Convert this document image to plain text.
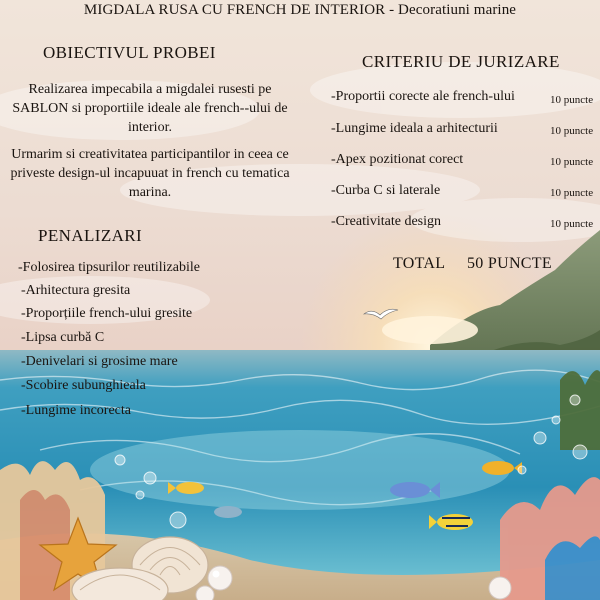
MIGDALA RUSA CU FRENCH DE INTERIOR - Decoratiuni marine
OBIECTIVUL PROBEI
Realizarea impecabila a migdalei rusesti pe SABLON si proportiile ideale ale french--ului de interior.
Urmarim si creativitatea participantilor in ceea ce priveste design-ul incapuuat in french cu tematica marina.
CRITERIU DE JURIZARE
-Proportii corecte ale french-ului	10 puncte
-Lungime ideala a arhitecturii	10 puncte
-Apex pozitionat corect	10 puncte
-Curba C si laterale	10 puncte
-Creativitate design	10 puncte
TOTAL 50 PUNCTE
PENALIZARI
-Folosirea tipsurilor reutilizabile
-Arhitectura gresita
-Proporțiile french-ului gresite
-Lipsa curbă C
-Denivelari si grosime mare
-Scobire subunghieala
-Lungime incorecta
